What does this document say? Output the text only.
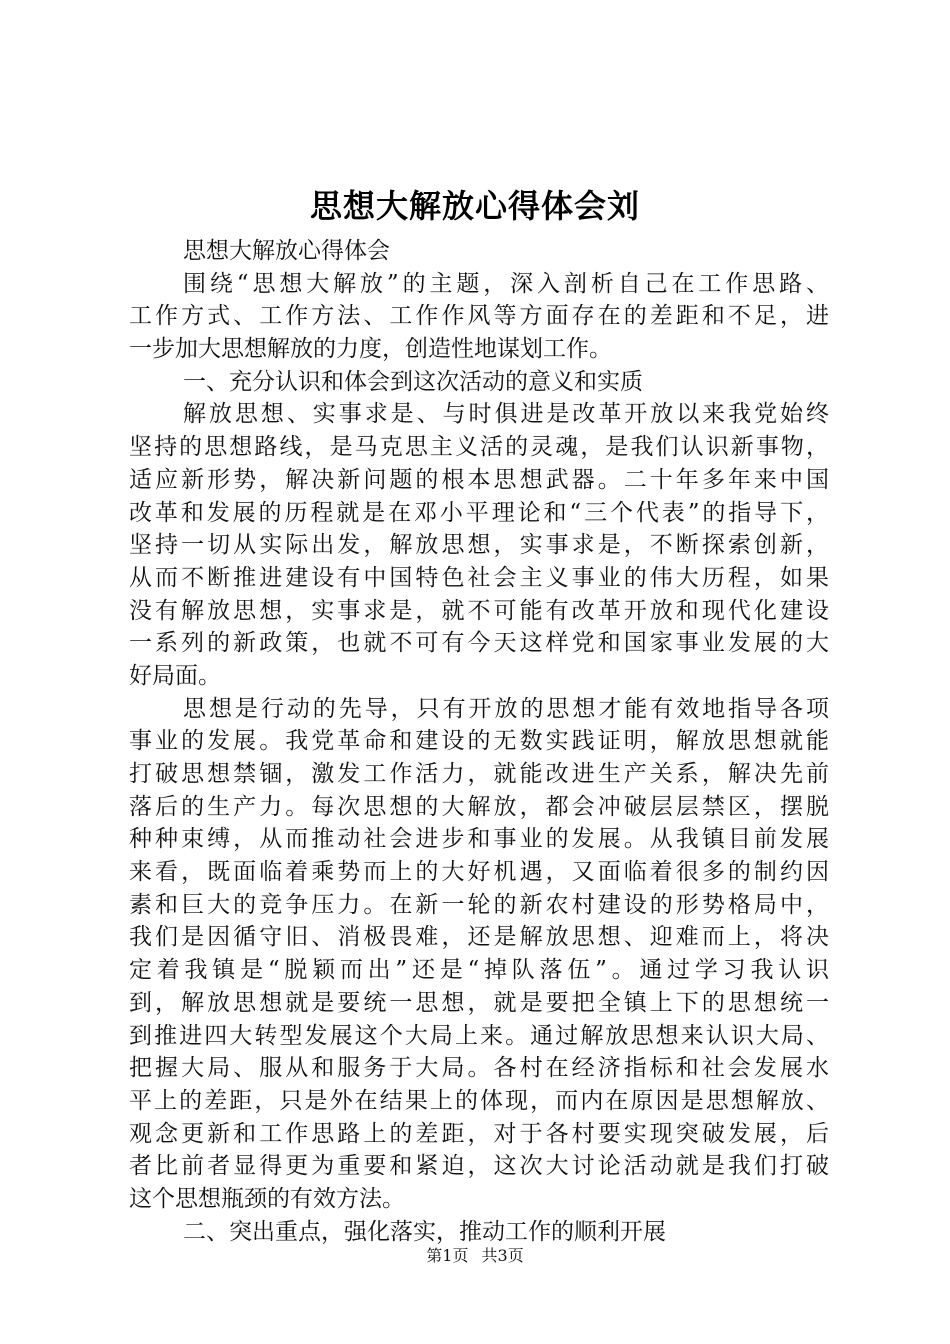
思想大解放心得体会刘
思想大解放心得体会
围绕“思想大解放”的主题，深入剖析自己在工作思路、
工作方式、工作方法、工作作风等方面存在的差距和不足，进
一步加大思想解放的力度，创造性地谋划工作。
一、充分认识和体会到这次活动的意义和实质
解放思想、实事求是、与时俱进是改革开放以来我党始终
坚持的思想路线，是马克思主义活的灵魂，是我们认识新事物，
适应新形势，解决新问题的根本思想武器。二十年多年来中国
改革和发展的历程就是在邓小平理论和“三个代表”的指导下，
坚持一切从实际出发，解放思想，实事求是，不断探索创新，
从而不断推进建设有中国特色社会主义事业的伟大历程，如果
没有解放思想，实事求是，就不可能有改革开放和现代化建设
一系列的新政策，也就不可有今天这样党和国家事业发展的大
好局面。
思想是行动的先导，只有开放的思想才能有效地指导各项
事业的发展。我党革命和建设的无数实践证明，解放思想就能
打破思想禁锢，激发工作活力，就能改进生产关系，解决先前
落后的生产力。每次思想的大解放，都会冲破层层禁区，摆脱
种种束缚，从而推动社会进步和事业的发展。从我镇目前发展
来看，既面临着乘势而上的大好机遇，又面临着很多的制约因
素和巨大的竞争压力。在新一轮的新农村建设的形势格局中，
我们是因循守旧、消极畏难，还是解放思想、迎难而上，将决
定着我镇是“脱颖而出”还是“掉队落伍”。通过学习我认识
到，解放思想就是要统一思想，就是要把全镇上下的思想统一
到推进四大转型发展这个大局上来。通过解放思想来认识大局、
把握大局、服从和服务于大局。各村在经济指标和社会发展水
平上的差距，只是外在结果上的体现，而内在原因是思想解放、
观念更新和工作思路上的差距，对于各村要实现突破发展，后
者比前者显得更为重要和紧迫，这次大讨论活动就是我们打破
这个思想瓶颈的有效方法。
二、突出重点，强化落实，推动工作的顺利开展
第1页 共3页
